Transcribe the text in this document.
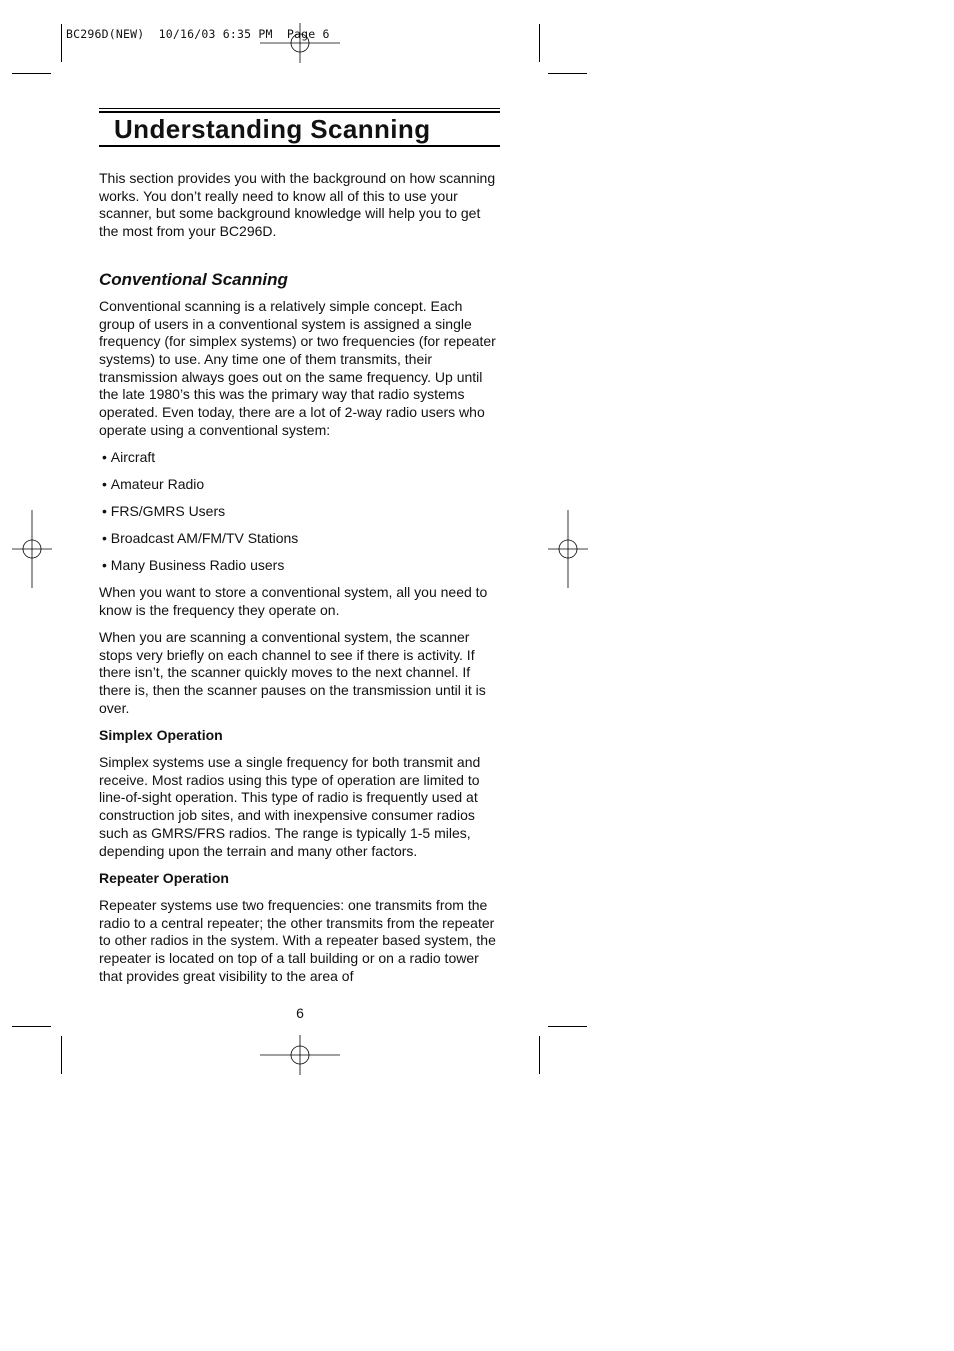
BC296D(NEW)  10/16/03 6:35 PM  Page 6
Understanding Scanning

This section provides you with the background on how scanning works. You don’t really need to know all of this to use your scanner, but some background knowledge will help you to get the most from your BC296D.

Conventional Scanning

Conventional scanning is a relatively simple concept. Each group of users in a conventional system is assigned a single frequency (for simplex systems) or two frequencies (for repeater systems) to use. Any time one of them transmits, their transmission always goes out on the same frequency. Up until the late 1980’s this was the primary way that radio systems operated. Even today, there are a lot of 2-way radio users who operate using a conventional system:

• Aircraft
• Amateur Radio
• FRS/GMRS Users
• Broadcast AM/FM/TV Stations
• Many Business Radio users

When you want to store a conventional system, all you need to know is the frequency they operate on.

When you are scanning a conventional system, the scanner stops very briefly on each channel to see if there is activity. If there isn’t, the scanner quickly moves to the next channel. If there is, then the scanner pauses on the transmission until it is over.

Simplex Operation

Simplex systems use a single frequency for both transmit and receive. Most radios using this type of operation are limited to line-of-sight operation. This type of radio is frequently used at construction job sites, and with inexpensive consumer radios such as GMRS/FRS radios. The range is typically 1-5 miles, depending upon the terrain and many other factors.

Repeater Operation

Repeater systems use two frequencies: one transmits from the radio to a central repeater; the other transmits from the repeater to other radios in the system. With a repeater based system, the repeater is located on top of a tall building or on a radio tower that provides great visibility to the area of

6
